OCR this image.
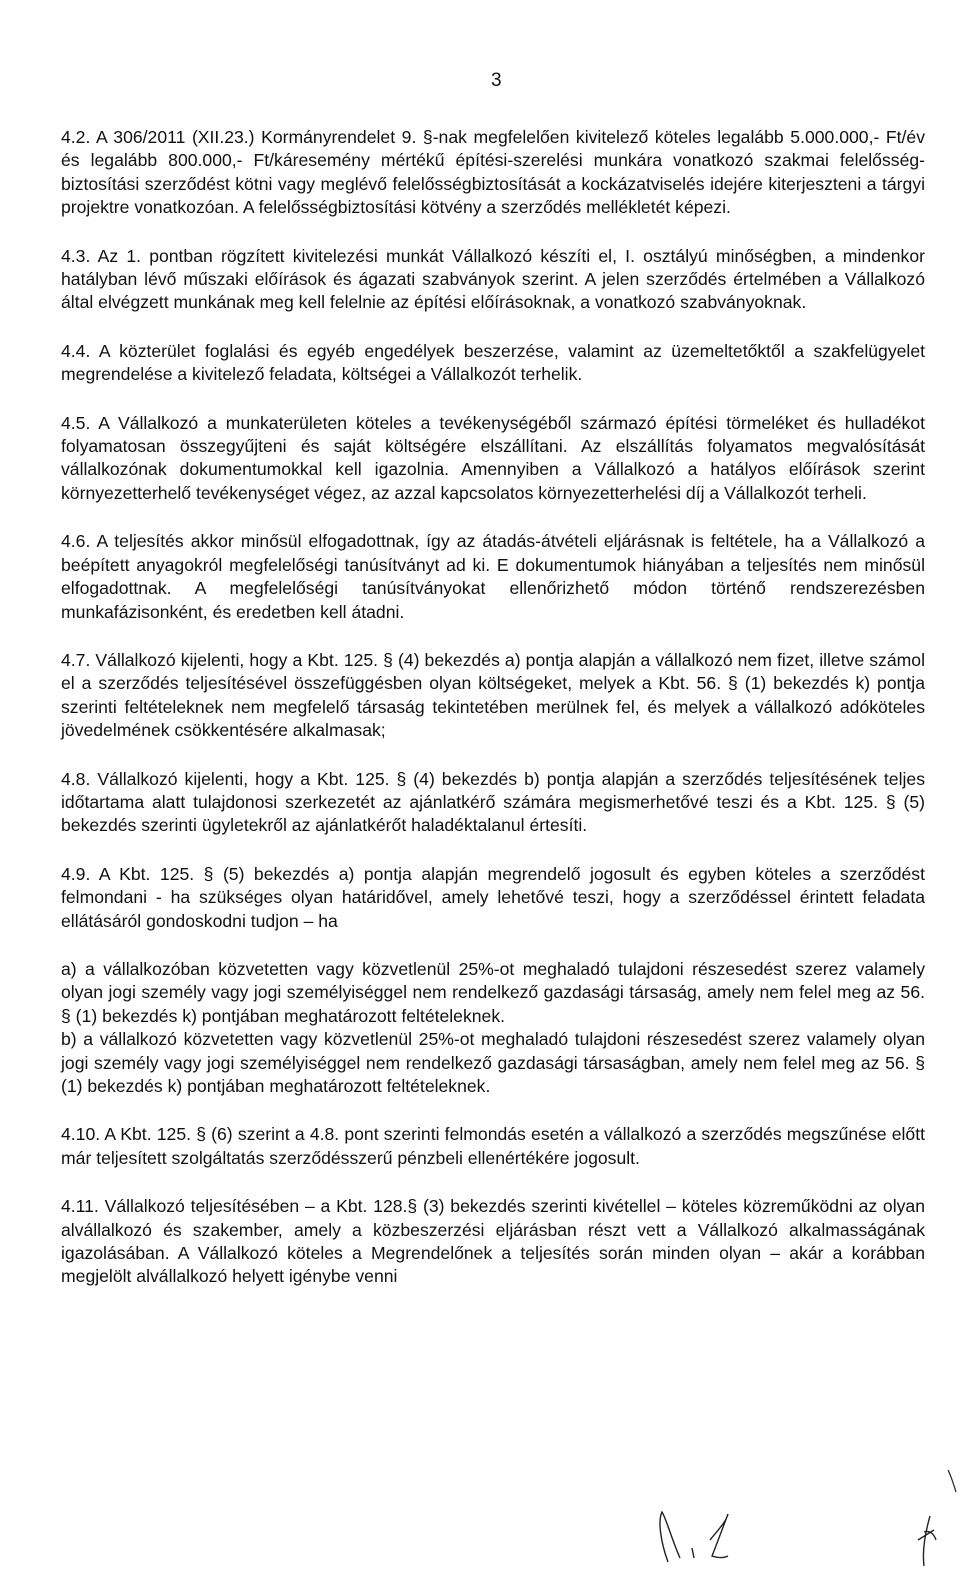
3

4.2. A 306/2011 (XII.23.) Kormányrendelet 9. §-nak megfelelően kivitelező köteles legalább 5.000.000,- Ft/év és legalább 800.000,- Ft/káresemény mértékű építési-szerelési munkára vonatkozó szakmai felelősség-biztosítási szerződést kötni vagy meglévő felelősségbiztosítását a kockázatviselés idejére kiterjeszteni a tárgyi projektre vonatkozóan. A felelősségbiztosítási kötvény a szerződés mellékletét képezi.

4.3. Az 1. pontban rögzített kivitelezési munkát Vállalkozó készíti el, I. osztályú minőségben, a mindenkor hatályban lévő műszaki előírások és ágazati szabványok szerint. A jelen szerződés értelmében a Vállalkozó által elvégzett munkának meg kell felelnie az építési előírásoknak, a vonatkozó szabványoknak.

4.4. A közterület foglalási és egyéb engedélyek beszerzése, valamint az üzemeltetőktől a szakfelügyelet megrendelése a kivitelező feladata, költségei a Vállalkozót terhelik.

4.5. A Vállalkozó a munkaterületen köteles a tevékenységéből származó építési törmeléket és hulladékot folyamatosan összegyűjteni és saját költségére elszállítani. Az elszállítás folyamatos megvalósítását vállalkozónak dokumentumokkal kell igazolnia. Amennyiben a Vállalkozó a hatályos előírások szerint környezetterhelő tevékenységet végez, az azzal kapcsolatos környezetterhelési díj a Vállalkozót terheli.

4.6. A teljesítés akkor minősül elfogadottnak, így az átadás-átvételi eljárásnak is feltétele, ha a Vállalkozó a beépített anyagokról megfelelőségi tanúsítványt ad ki. E dokumentumok hiányában a teljesítés nem minősül elfogadottnak. A megfelelőségi tanúsítványokat ellenőrizhető módon történő rendszerezésben munkafázisonként, és eredetben kell átadni.

4.7. Vállalkozó kijelenti, hogy a Kbt. 125. § (4) bekezdés a) pontja alapján a vállalkozó nem fizet, illetve számol el a szerződés teljesítésével összefüggésben olyan költségeket, melyek a Kbt. 56. § (1) bekezdés k) pontja szerinti feltételeknek nem megfelelő társaság tekintetében merülnek fel, és melyek a vállalkozó adóköteles jövedelmének csökkentésére alkalmasak;

4.8. Vállalkozó kijelenti, hogy a Kbt. 125. § (4) bekezdés b) pontja alapján a szerződés teljesítésének teljes időtartama alatt tulajdonosi szerkezetét az ajánlatkérő számára megismerhetővé teszi és a Kbt. 125. § (5) bekezdés szerinti ügyletekről az ajánlatkérőt haladéktalanul értesíti.

4.9. A Kbt. 125. § (5) bekezdés a) pontja alapján megrendelő jogosult és egyben köteles a szerződést felmondani - ha szükséges olyan határidővel, amely lehetővé teszi, hogy a szerződéssel érintett feladata ellátásáról gondoskodni tudjon – ha

a) a vállalkozóban közvetetten vagy közvetlenül 25%-ot meghaladó tulajdoni részesedést szerez valamely olyan jogi személy vagy jogi személyiséggel nem rendelkező gazdasági társaság, amely nem felel meg az 56. § (1) bekezdés k) pontjában meghatározott feltételeknek.

b) a vállalkozó közvetetten vagy közvetlenül 25%-ot meghaladó tulajdoni részesedést szerez valamely olyan jogi személy vagy jogi személyiséggel nem rendelkező gazdasági társaságban, amely nem felel meg az 56. § (1) bekezdés k) pontjában meghatározott feltételeknek.

4.10. A Kbt. 125. § (6) szerint a 4.8. pont szerinti felmondás esetén a vállalkozó a szerződés megszűnése előtt már teljesített szolgáltatás szerződésszerű pénzbeli ellenértékére jogosult.

4.11. Vállalkozó teljesítésében – a Kbt. 128.§ (3) bekezdés szerinti kivétellel – köteles közreműködni az olyan alvállalkozó és szakember, amely a közbeszerzési eljárásban részt vett a Vállalkozó alkalmasságának igazolásában. A Vállalkozó köteles a Megrendelőnek a teljesítés során minden olyan – akár a korábban megjelölt alvállalkozó helyett igénybe venni
